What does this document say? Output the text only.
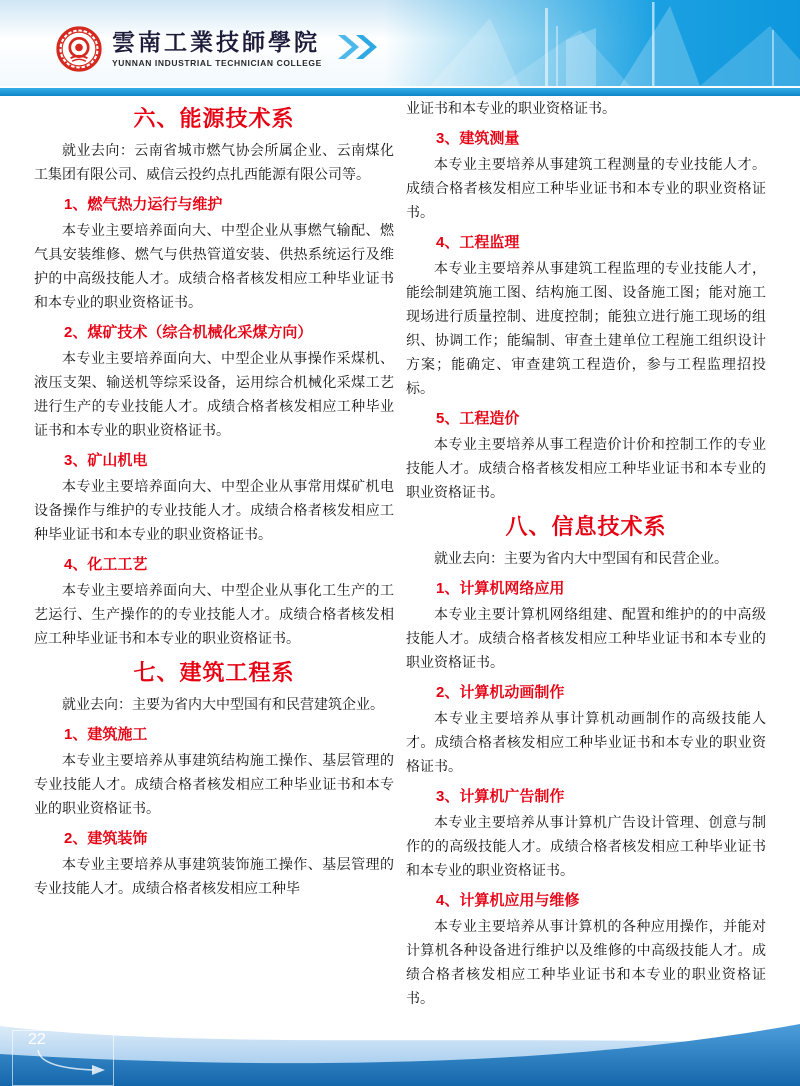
雲南工業技師學院
YUNNAN INDUSTRIAL TECHNICIAN COLLEGE
六、能源技术系

就业去向：云南省城市燃气协会所属企业、云南煤化工集团有限公司、威信云投约点扎西能源有限公司等。

1、燃气热力运行与维护

本专业主要培养面向大、中型企业从事燃气输配、燃气具安装维修、燃气与供热管道安装、供热系统运行及维护的中高级技能人才。成绩合格者核发相应工种毕业证书和本专业的职业资格证书。

2、煤矿技术（综合机械化采煤方向）

本专业主要培养面向大、中型企业从事操作采煤机、液压支架、输送机等综采设备，运用综合机械化采煤工艺进行生产的专业技能人才。成绩合格者核发相应工种毕业证书和本专业的职业资格证书。

3、矿山机电

本专业主要培养面向大、中型企业从事常用煤矿机电设备操作与维护的专业技能人才。成绩合格者核发相应工种毕业证书和本专业的职业资格证书。

4、化工工艺

本专业主要培养面向大、中型企业从事化工生产的工艺运行、生产操作的的专业技能人才。成绩合格者核发相应工种毕业证书和本专业的职业资格证书。

七、建筑工程系

就业去向：主要为省内大中型国有和民营建筑企业。

1、建筑施工

本专业主要培养从事建筑结构施工操作、基层管理的专业技能人才。成绩合格者核发相应工种毕业证书和本专业的职业资格证书。

2、建筑装饰

本专业主要培养从事建筑装饰施工操作、基层管理的专业技能人才。成绩合格者核发相应工种毕

业证书和本专业的职业资格证书。

3、建筑测量

本专业主要培养从事建筑工程测量的专业技能人才。成绩合格者核发相应工种毕业证书和本专业的职业资格证书。

4、工程监理

本专业主要培养从事建筑工程监理的专业技能人才，能绘制建筑施工图、结构施工图、设备施工图；能对施工现场进行质量控制、进度控制；能独立进行施工现场的组织、协调工作；能编制、审查土建单位工程施工组织设计方案；能确定、审查建筑工程造价，参与工程监理招投标。

5、工程造价

本专业主要培养从事工程造价计价和控制工作的专业技能人才。成绩合格者核发相应工种毕业证书和本专业的职业资格证书。

八、信息技术系

就业去向：主要为省内大中型国有和民营企业。

1、计算机网络应用

本专业主要计算机网络组建、配置和维护的的中高级技能人才。成绩合格者核发相应工种毕业证书和本专业的职业资格证书。

2、计算机动画制作

本专业主要培养从事计算机动画制作的高级技能人才。成绩合格者核发相应工种毕业证书和本专业的职业资格证书。

3、计算机广告制作

本专业主要培养从事计算机广告设计管理、创意与制作的的高级技能人才。成绩合格者核发相应工种毕业证书和本专业的职业资格证书。

4、计算机应用与维修

本专业主要培养从事计算机的各种应用操作，并能对计算机各种设备进行维护以及维修的中高级技能人才。成绩合格者核发相应工种毕业证书和本专业的职业资格证书。

22
